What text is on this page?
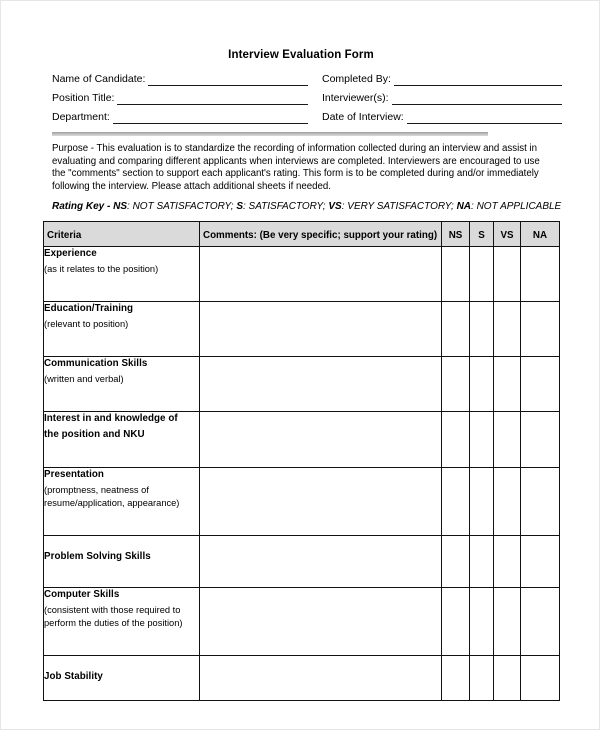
Interview Evaluation Form
Name of Candidate:	Completed By:
Position Title:	Interviewer(s):
Department:	Date of Interview:
Purpose - This evaluation is to standardize the recording of information collected during an interview and assist in evaluating and comparing different applicants when interviews are completed. Interviewers are encouraged to use the "comments" section to support each applicant's rating. This form is to be completed during and/or immediately following the interview. Please attach additional sheets if needed.
Rating Key - NS: NOT SATISFACTORY; S: SATISFACTORY; VS: VERY SATISFACTORY; NA: NOT APPLICABLE
Criteria	Comments: (Be very specific; support your rating)	NS	S	VS	NA

Experience
(as it relates to the position)					

Education/Training
(relevant to position)					

Communication Skills
(written and verbal)					

Interest in and knowledge of
the position and NKU					

Presentation
(promptness, neatness of resume/application, appearance)					

Problem Solving Skills					

Computer Skills
(consistent with those required to perform the duties of the position)					

Job Stability					
